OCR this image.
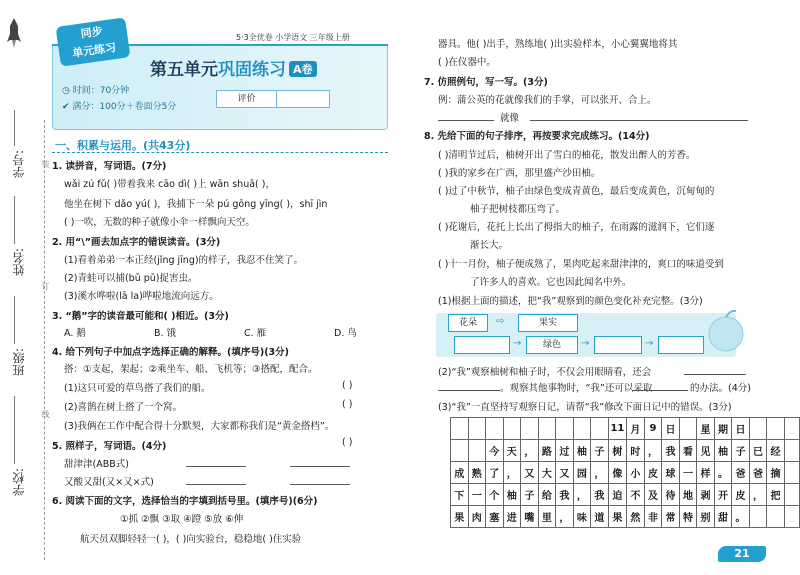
学号:
姓名:
班级:
学校:
装
订
线
同步
单元练习
5·3全优卷 小学语文 三年级上册
第五单元巩固练习 A卷
◷ 时间：70分钟
✔ 满分：100分＋卷面分5分
评价
一、积累与运用。(共43分)
1. 读拼音，写词语。(7分)
wǎi zú fǔ( )带着我来 cāo dì( )上 wān shuǎ( )，
他坐在树下 dǎo yú( )，我捕下一朵 pú gōng yīng( )，shī jìn
( )一吹，无数的种子就像小伞一样飘向天空。
2. 用“\”画去加点字的错误读音。(3分)
(1)看着弟弟一本正经(jǐng jīng)的样子，我忍不住笑了。
(2)青蛙可以捕(bǔ pǔ)捉害虫。
(3)溪水哗啦(lā la)哗啦地流向远方。
3. “鹅”字的读音最可能和( )相近。(3分)
A. 鹅	B. 饿	C. 雁	D. 鸟
4. 给下列句子中加点字选择正确的解释。(填序号)(3分)
搭：①支起，架起；②乘坐车、船、飞机等；③搭配，配合。
(1)这只可爱的草鸟搭了我们的船。	( )
(2)喜鹊在树上搭了一个窝。	( )
(3)我俩在工作中配合得十分默契，大家都称我们是“黄金搭档”。
( )
5. 照样子，写词语。(4分)
甜津津(ABB式)
又酸又甜(又×又×式)
6. 阅读下面的文字，选择恰当的字填到括号里。(填序号)(6分)
①抓 ②飘 ③取 ④蹬 ⑤放 ⑥伸
航天员双脚轻轻一( )，( )向实验台，稳稳地( )住实验
器具。他( )出手，熟练地( )出实验样本，小心翼翼地将其
( )在仪器中。
7. 仿照例句，写一写。(3分)
例：蒲公英的花就像我们的手掌，可以张开、合上。
就像
8. 先给下面的句子排序，再按要求完成练习。(14分)
( )清明节过后，柚树开出了雪白的柚花，散发出醉人的芳香。
( )我的家乡在广西，那里盛产沙田柚。
( )过了中秋节，柚子由绿色变成青黄色，最后变成黄色，沉甸甸的
柚子把树枝都压弯了。
( )花谢后，花托上长出了拇指大的柚子，在雨露的滋润下，它们逐
渐长大。
( )十一月份，柚子便成熟了，果肉吃起来甜津津的，爽口的味道受到
了许多人的喜欢。它也因此闻名中外。
(1)根据上面的描述，把“我”观察到的颜色变化补充完整。(3分)
花朵	⇨	果实
→	绿色	→	→
(2)“我”观察柚树和柚子时，不仅会用眼睛看，还会
。观察其他事物时，“我”还可以采取	的办法。(4分)
(3)“我”一直坚持写观察日记，请帮“我”修改下面日记中的错误。(3分)
									11	月	9	日		星	期	日			
		今	天	，	路	过	柚	子	树	时	，	我	看	见	柚	子	已	经	
成	熟	了	，	又	大	又	园	，	像	小	皮	球	一	样	。	爸	爸	摘	
下	一	个	柚	子	给	我	，	我	迫	不	及	待	地	剥	开	皮	，	把	
果	肉	塞	进	嘴	里	，	味	道	果	然	非	常	特	别	甜	。			
21
